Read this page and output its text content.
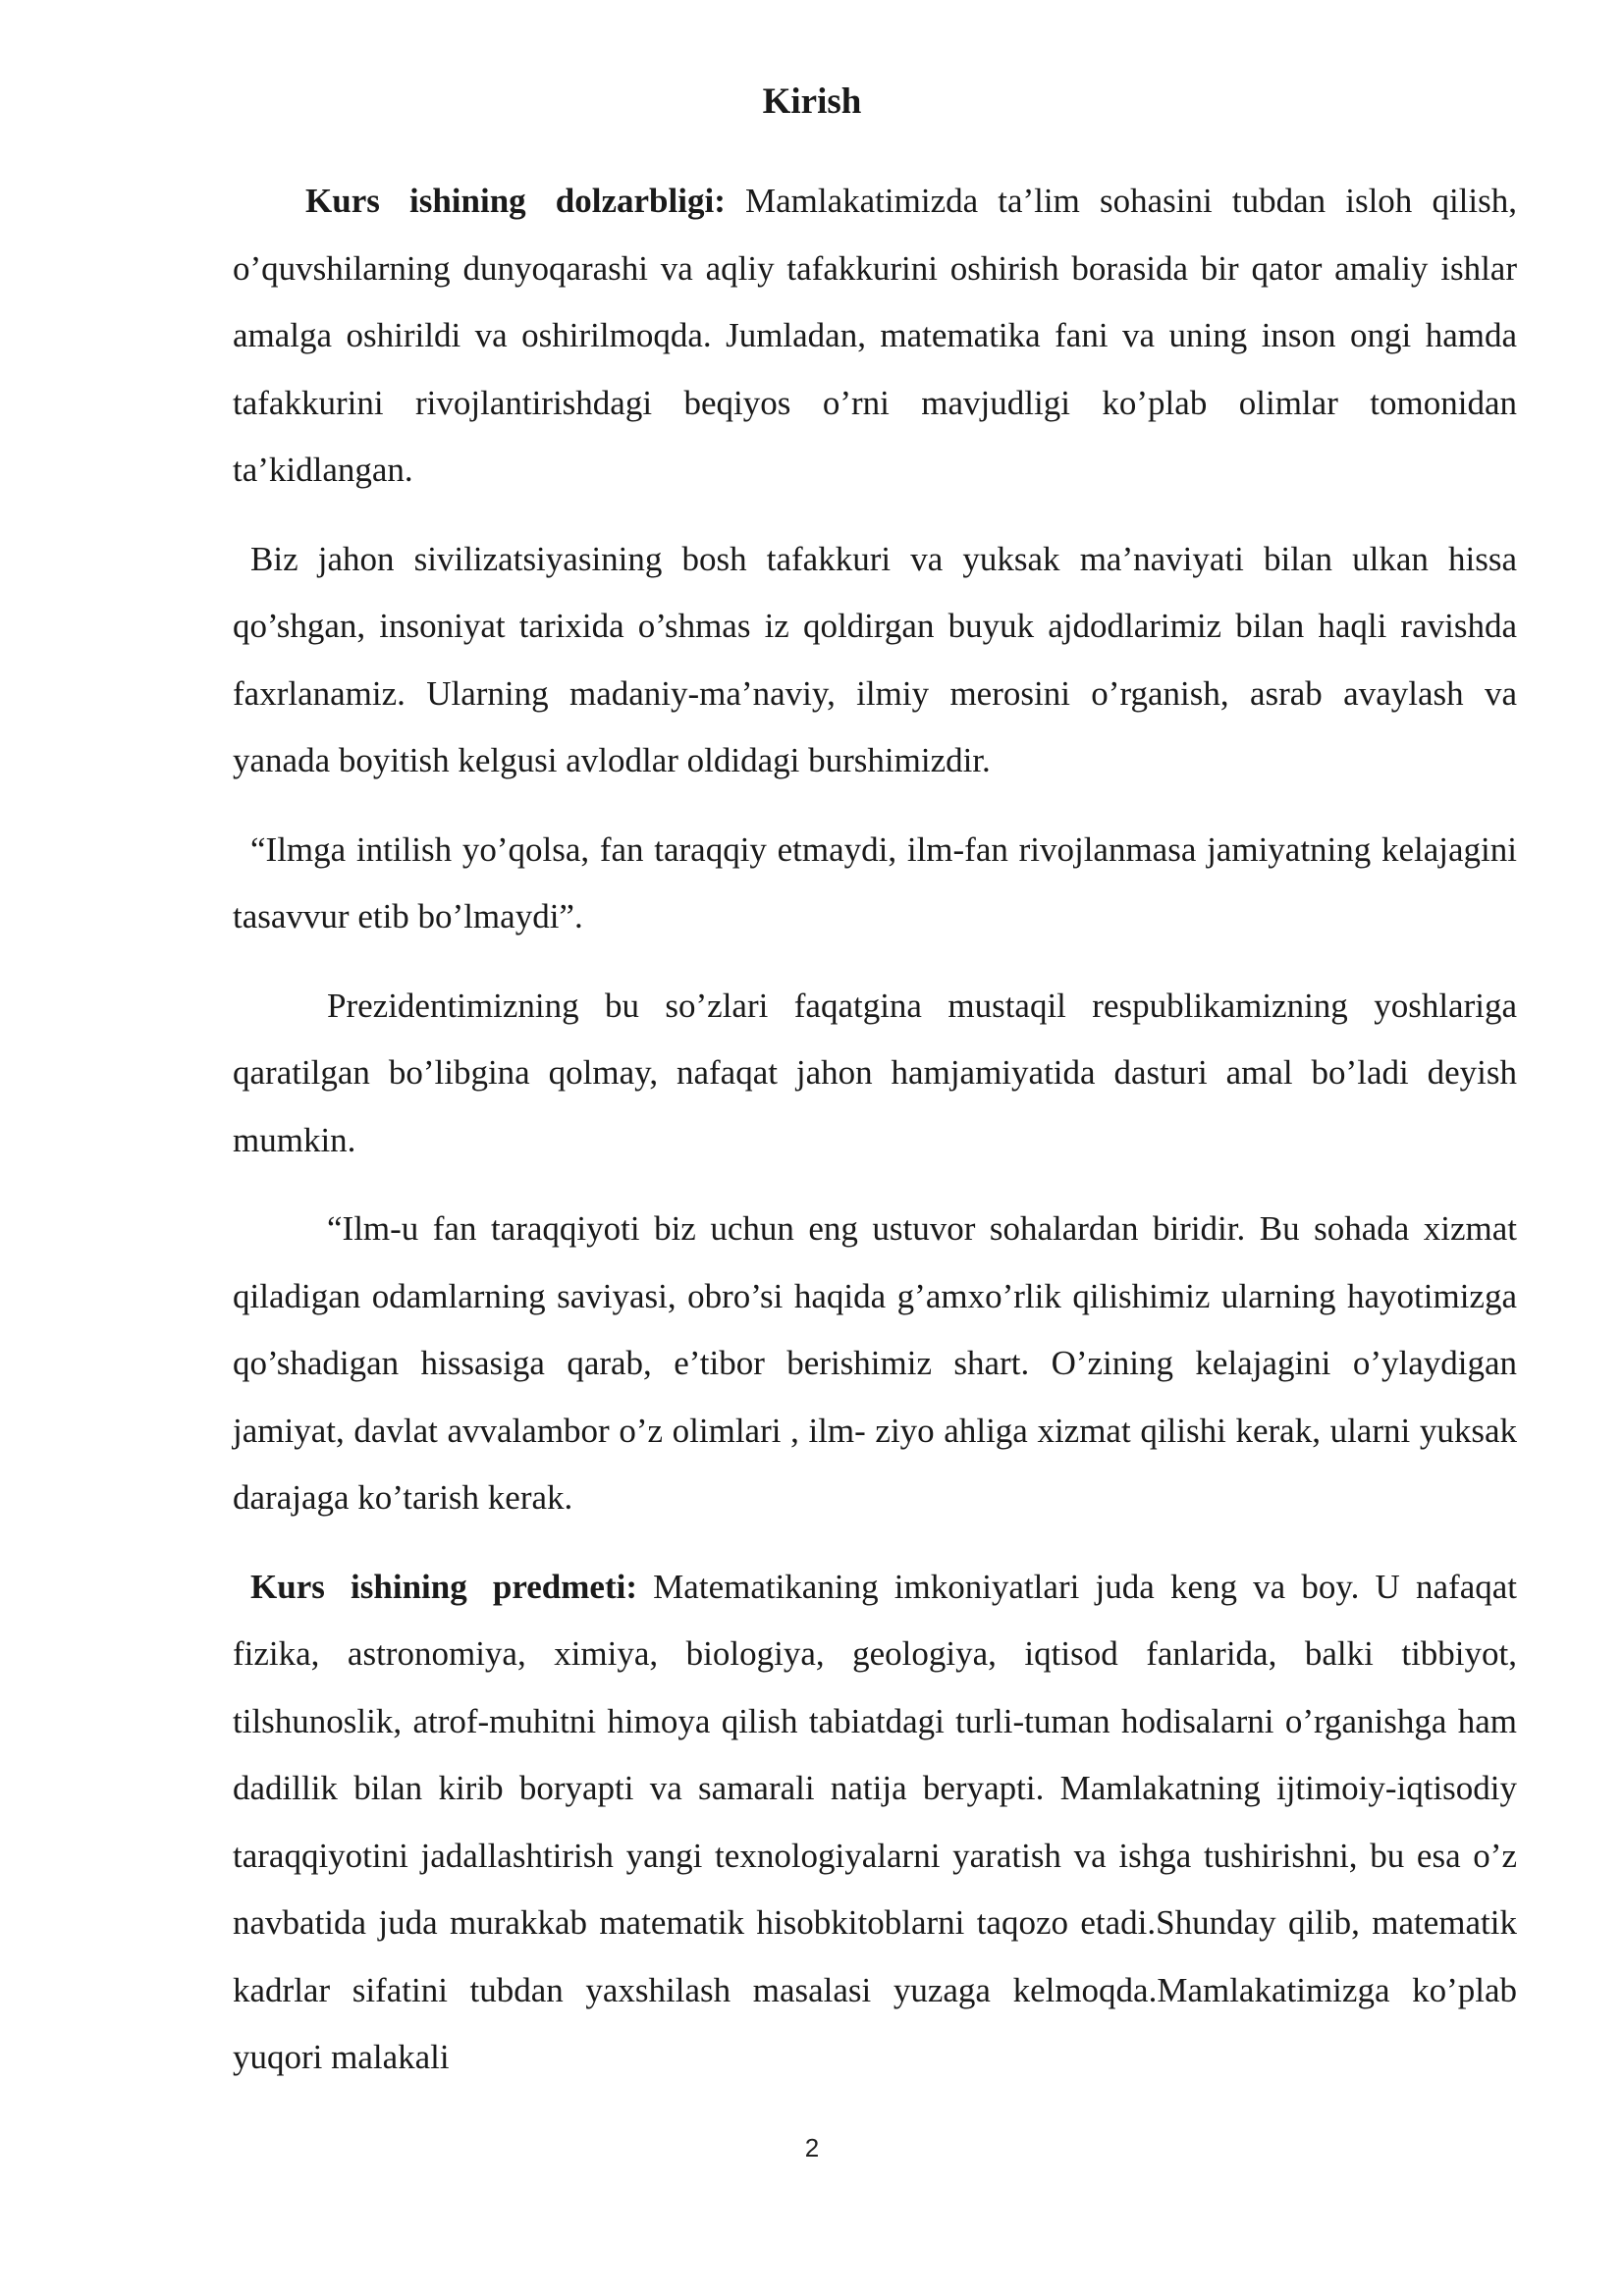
Kirish

Kurs ishining dolzarbligi: Mamlakatimizda ta’lim sohasini tubdan isloh qilish, o’quvshilarning dunyoqarashi va aqliy tafakkurini oshirish borasida bir qator amaliy ishlar amalga oshirildi va oshirilmoqda. Jumladan, matematika fani va uning inson ongi hamda tafakkurini rivojlantirishdagi beqiyos o’rni mavjudligi ko’plab olimlar tomonidan ta’kidlangan.

Biz jahon sivilizatsiyasining bosh tafakkuri va yuksak ma’naviyati bilan ulkan hissa qo’shgan, insoniyat tarixida o’shmas iz qoldirgan buyuk ajdodlarimiz bilan haqli ravishda faxrlanamiz. Ularning madaniy-ma’naviy, ilmiy merosini o’rganish, asrab avaylash va yanada boyitish kelgusi avlodlar oldidagi burshimizdir.

“Ilmga intilish yo’qolsa, fan taraqqiy etmaydi, ilm-fan rivojlanmasa jamiyatning kelajagini tasavvur etib bo’lmaydi”.

Prezidentimizning bu so’zlari faqatgina mustaqil respublikamizning yoshlariga qaratilgan bo’libgina qolmay, nafaqat jahon hamjamiyatida dasturi amal bo’ladi deyish mumkin.

“Ilm-u fan taraqqiyoti biz uchun eng ustuvor sohalardan biridir. Bu sohada xizmat qiladigan odamlarning saviyasi, obro’si haqida g’amxo’rlik qilishimiz ularning hayotimizga qo’shadigan hissasiga qarab, e’tibor berishimiz shart. O’zining kelajagini o’ylaydigan jamiyat, davlat avvalambor o’z olimlari , ilm- ziyo ahliga xizmat qilishi kerak, ularni yuksak darajaga ko’tarish kerak.

Kurs ishining predmeti: Matematikaning imkoniyatlari juda keng va boy. U nafaqat fizika, astronomiya, ximiya, biologiya, geologiya, iqtisod fanlarida, balki tibbiyot, tilshunoslik, atrof-muhitni himoya qilish tabiatdagi turli-tuman hodisalarni o’rganishga ham dadillik bilan kirib boryapti va samarali natija beryapti. Mamlakatning ijtimoiy-iqtisodiy taraqqiyotini jadallashtirish yangi texnologiyalarni yaratish va ishga tushirishni, bu esa o’z navbatida juda murakkab matematik hisobkitoblarni taqozo etadi.Shunday qilib, matematik kadrlar sifatini tubdan yaxshilash masalasi yuzaga kelmoqda.Mamlakatimizga ko’plab yuqori malakali

2
